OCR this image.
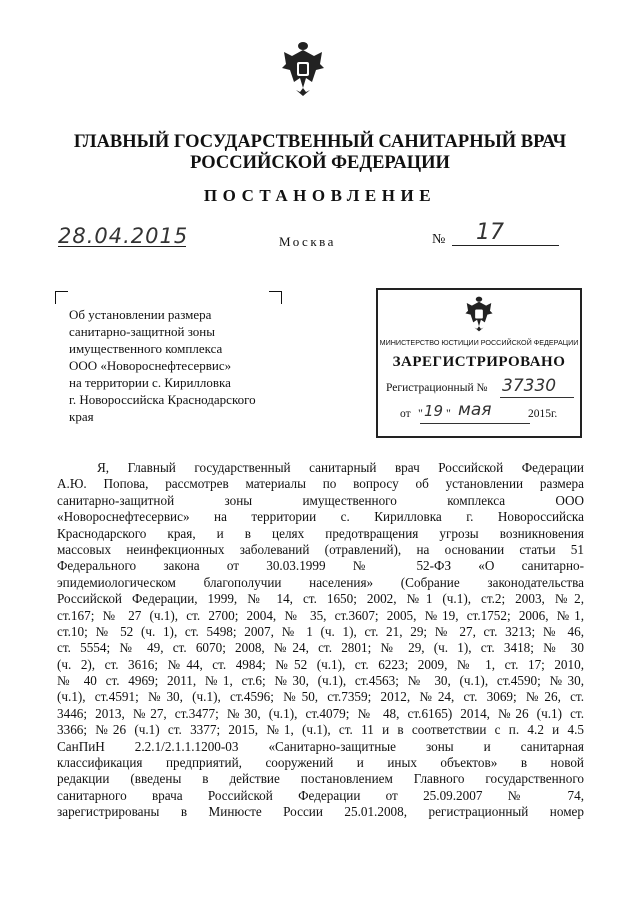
ГЛАВНЫЙ ГОСУДАРСТВЕННЫЙ САНИТАРНЫЙ ВРАЧ
РОССИЙСКОЙ ФЕДЕРАЦИИ
ПОСТАНОВЛЕНИЕ
28.04.2015	Москва	№ 17
Об установлении размера
санитарно-защитной зоны
имущественного комплекса
ООО «Новороснефтесервис»
на территории с. Кирилловка
г. Новороссийска Краснодарского
края
МИНИСТЕРСТВО ЮСТИЦИИ РОССИЙСКОЙ ФЕДЕРАЦИИ
ЗАРЕГИСТРИРОВАНО
Регистрационный № 37330
от " 19 " мая	2015г.
Я, Главный государственный санитарный врач Российской Федерации
А.Ю. Попова, рассмотрев материалы по вопросу об установлении размера
санитарно-защитной зоны имущественного комплекса ООО
«Новороснефтесервис» на территории с. Кирилловка г. Новороссийска
Краснодарского края, и в целях предотвращения угрозы возникновения
массовых неинфекционных заболеваний (отравлений), на основании статьи 51
Федерального закона от 30.03.1999 № 52-ФЗ «О санитарно-
эпидемиологическом благополучии населения» (Собрание законодательства
Российской Федерации, 1999, № 14, ст. 1650; 2002, №1 (ч.1), ст.2; 2003, №2,
ст.167; № 27 (ч.1), ст. 2700; 2004, № 35, ст.3607; 2005, №19, ст.1752; 2006, №1,
ст.10; № 52 (ч. 1), ст. 5498; 2007, № 1 (ч. 1), ст. 21, 29; № 27, ст. 3213; № 46,
ст. 5554; № 49, ст. 6070; 2008, №24, ст. 2801; № 29, (ч. 1), ст. 3418; № 30
(ч. 2), ст. 3616; №44, ст. 4984; №52 (ч.1), ст. 6223; 2009, № 1, ст. 17; 2010,
№ 40 ст. 4969; 2011, №1, ст.6; №30, (ч.1), ст.4563; № 30, (ч.1), ст.4590; №30,
(ч.1), ст.4591; №30, (ч.1), ст.4596; №50, ст.7359; 2012, №24, ст. 3069; №26, ст.
3446; 2013, №27, ст.3477; №30, (ч.1), ст.4079; № 48, ст.6165) 2014, №26 (ч.1) ст.
3366; №26 (ч.1) ст. 3377; 2015, №1, (ч.1), ст. 11 и в соответствии с п. 4.2 и 4.5
СанПиН 2.2.1/2.1.1.1200-03 «Санитарно-защитные зоны и санитарная
классификация предприятий, сооружений и иных объектов» в новой
редакции (введены в действие постановлением Главного государственного
санитарного врача Российской Федерации от 25.09.2007 № 74,
зарегистрированы в Минюсте России 25.01.2008, регистрационный номер
